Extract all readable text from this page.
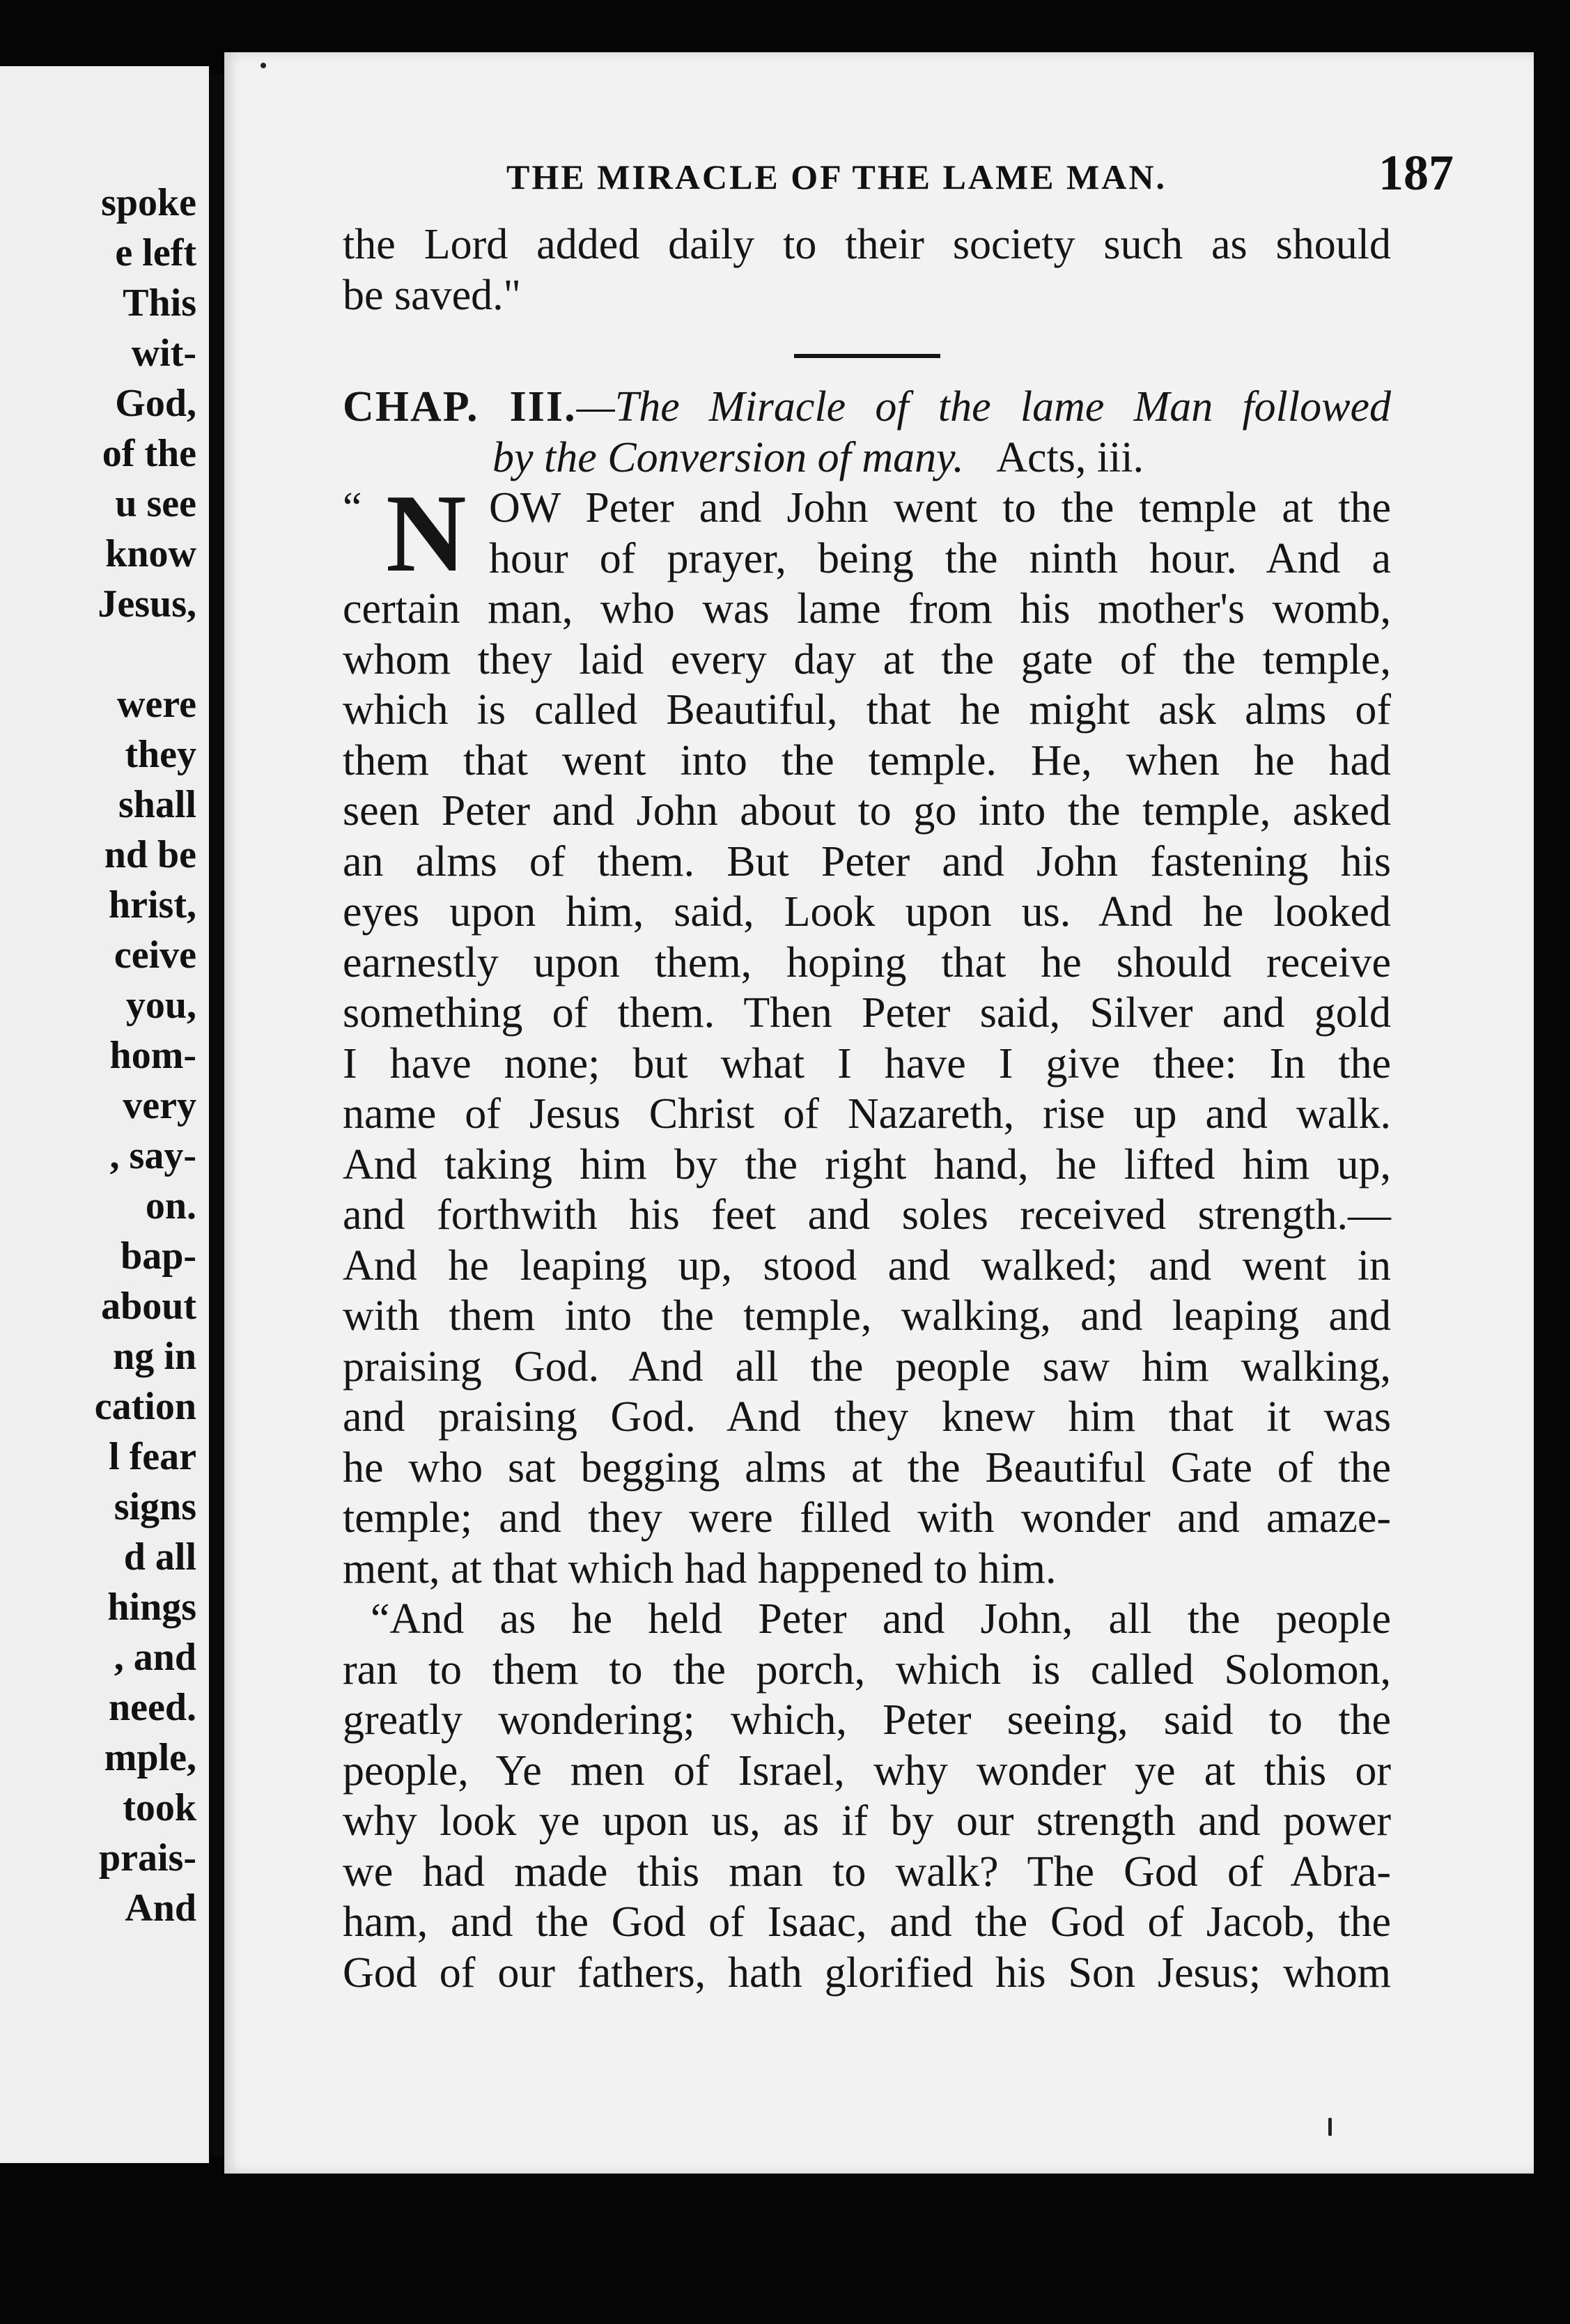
spoke
e left
This
wit-
God,
of the
u see
know
Jesus,
were
they
shall
nd be
hrist,
ceive
you,
hom-
very
, say-
on.
bap-
about
ng in
cation
l fear
signs
d all
hings
, and
need.
mple,
took
prais-
And
THE MIRACLE OF THE LAME MAN.	187
the Lord added daily to their society such as should
be saved."
CHAP. III.—The Miracle of the lame Man followed
by the Conversion of many. Acts, iii.
N
“	OW Peter and John went to the temple at the
hour of prayer, being the ninth hour. And a
certain man, who was lame from his mother's womb,
whom they laid every day at the gate of the temple,
which is called Beautiful, that he might ask alms of
them that went into the temple. He, when he had
seen Peter and John about to go into the temple, asked
an alms of them. But Peter and John fastening his
eyes upon him, said, Look upon us. And he looked
earnestly upon them, hoping that he should receive
something of them. Then Peter said, Silver and gold
I have none; but what I have I give thee: In the
name of Jesus Christ of Nazareth, rise up and walk.
And taking him by the right hand, he lifted him up,
and forthwith his feet and soles received strength.—
And he leaping up, stood and walked; and went in
with them into the temple, walking, and leaping and
praising God. And all the people saw him walking,
and praising God. And they knew him that it was
he who sat begging alms at the Beautiful Gate of the
temple; and they were filled with wonder and amaze-
ment, at that which had happened to him.
“And as he held Peter and John, all the people
ran to them to the porch, which is called Solomon,
greatly wondering; which, Peter seeing, said to the
people, Ye men of Israel, why wonder ye at this or
why look ye upon us, as if by our strength and power
we had made this man to walk? The God of Abra-
ham, and the God of Isaac, and the God of Jacob, the
God of our fathers, hath glorified his Son Jesus; whom
